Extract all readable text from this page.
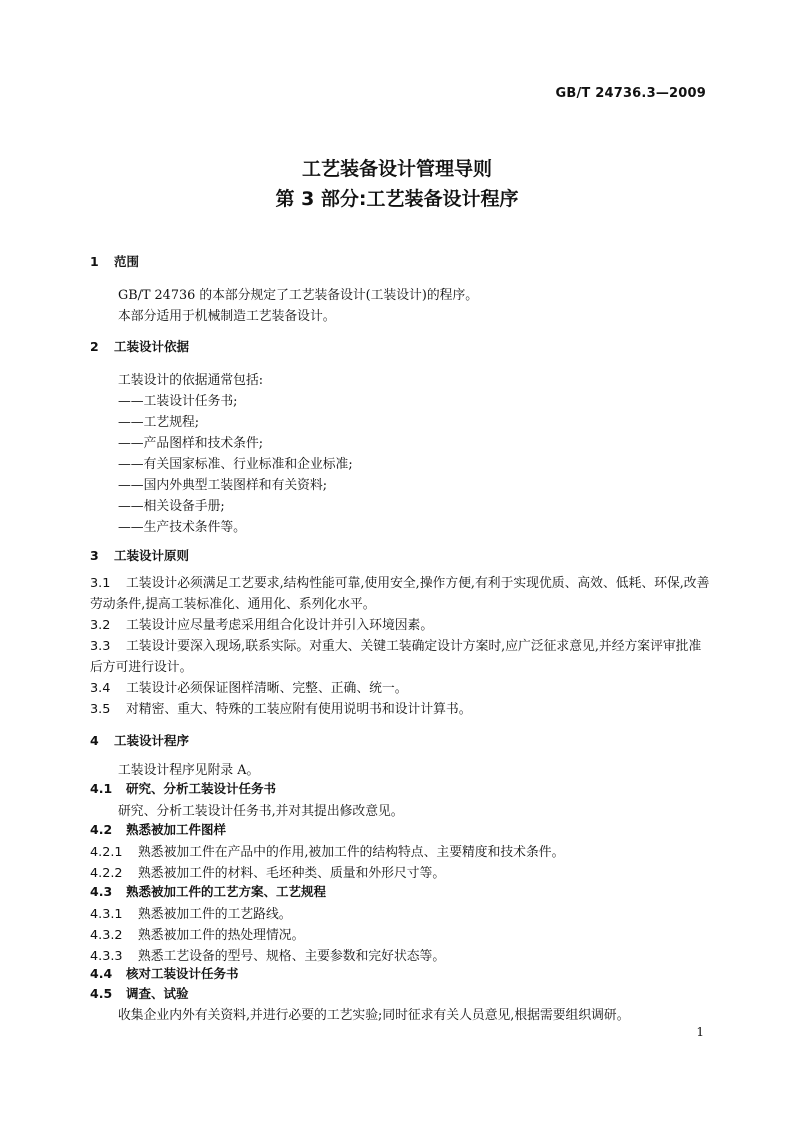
GB/T 24736.3—2009
工艺装备设计管理导则
第 3 部分:工艺装备设计程序
1 范围
GB/T 24736 的本部分规定了工艺装备设计(工装设计)的程序。
本部分适用于机械制造工艺装备设计。
2 工装设计依据
工装设计的依据通常包括:
——工装设计任务书;
——工艺规程;
——产品图样和技术条件;
——有关国家标准、行业标准和企业标准;
——国内外典型工装图样和有关资料;
——相关设备手册;
——生产技术条件等。
3 工装设计原则
3.1 工装设计必须满足工艺要求,结构性能可靠,使用安全,操作方便,有利于实现优质、高效、低耗、环保,改善劳动条件,提高工装标准化、通用化、系列化水平。
3.2 工装设计应尽量考虑采用组合化设计并引入环境因素。
3.3 工装设计要深入现场,联系实际。对重大、关键工装确定设计方案时,应广泛征求意见,并经方案评审批准后方可进行设计。
3.4 工装设计必须保证图样清晰、完整、正确、统一。
3.5 对精密、重大、特殊的工装应附有使用说明书和设计计算书。
4 工装设计程序
工装设计程序见附录 A。
4.1 研究、分析工装设计任务书
研究、分析工装设计任务书,并对其提出修改意见。
4.2 熟悉被加工件图样
4.2.1 熟悉被加工件在产品中的作用,被加工件的结构特点、主要精度和技术条件。
4.2.2 熟悉被加工件的材料、毛坯种类、质量和外形尺寸等。
4.3 熟悉被加工件的工艺方案、工艺规程
4.3.1 熟悉被加工件的工艺路线。
4.3.2 熟悉被加工件的热处理情况。
4.3.3 熟悉工艺设备的型号、规格、主要参数和完好状态等。
4.4 核对工装设计任务书
4.5 调查、试验
收集企业内外有关资料,并进行必要的工艺实验;同时征求有关人员意见,根据需要组织调研。
1
